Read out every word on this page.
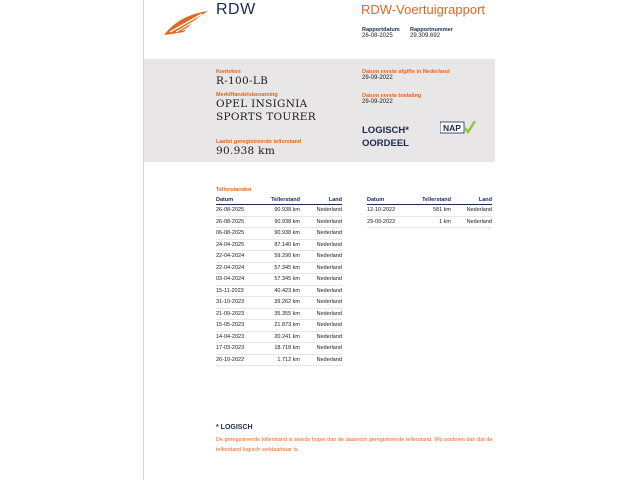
RDW	RDW-Voertuigrapport
Rapportdatum
26-08-2025
Rapportnummer
29.309.692
Kenteken
R-100-LB
Merk/Handelsbenaming
OPEL INSIGNIA
SPORTS TOURER
Laatst geregistreerde tellerstand
90.938 km
Datum eerste afgifte in Nederland
29-09-2022
Datum eerste toelating
29-09-2022
LOGISCH*
OORDEEL
NAP
Tellerstanden
Datum	Tellerstand	Land
26-08-2025	90.938 km	Nederland
26-08-2025	90.938 km	Nederland
06-08-2025	90.938 km	Nederland
24-04-2025	87.140 km	Nederland
22-04-2024	59.290 km	Nederland
22-04-2024	57.345 km	Nederland
03-04-2024	57.345 km	Nederland
15-11-2023	40.423 km	Nederland
31-10-2023	39.262 km	Nederland
21-09-2023	35.355 km	Nederland
15-05-2023	21.873 km	Nederland
14-04-2023	20.241 km	Nederland
17-03-2023	18.718 km	Nederland
26-10-2022	1.712 km	Nederland
Datum	Tellerstand	Land
12-10-2022	581 km	Nederland
29-09-2022	1 km	Nederland
* LOGISCH
De geregistreerde tellerstand is steeds hoger dan de daarvoor geregistreerde tellerstand. Wij oordelen dan dat de tellerstand logisch verklaarbaar is.
